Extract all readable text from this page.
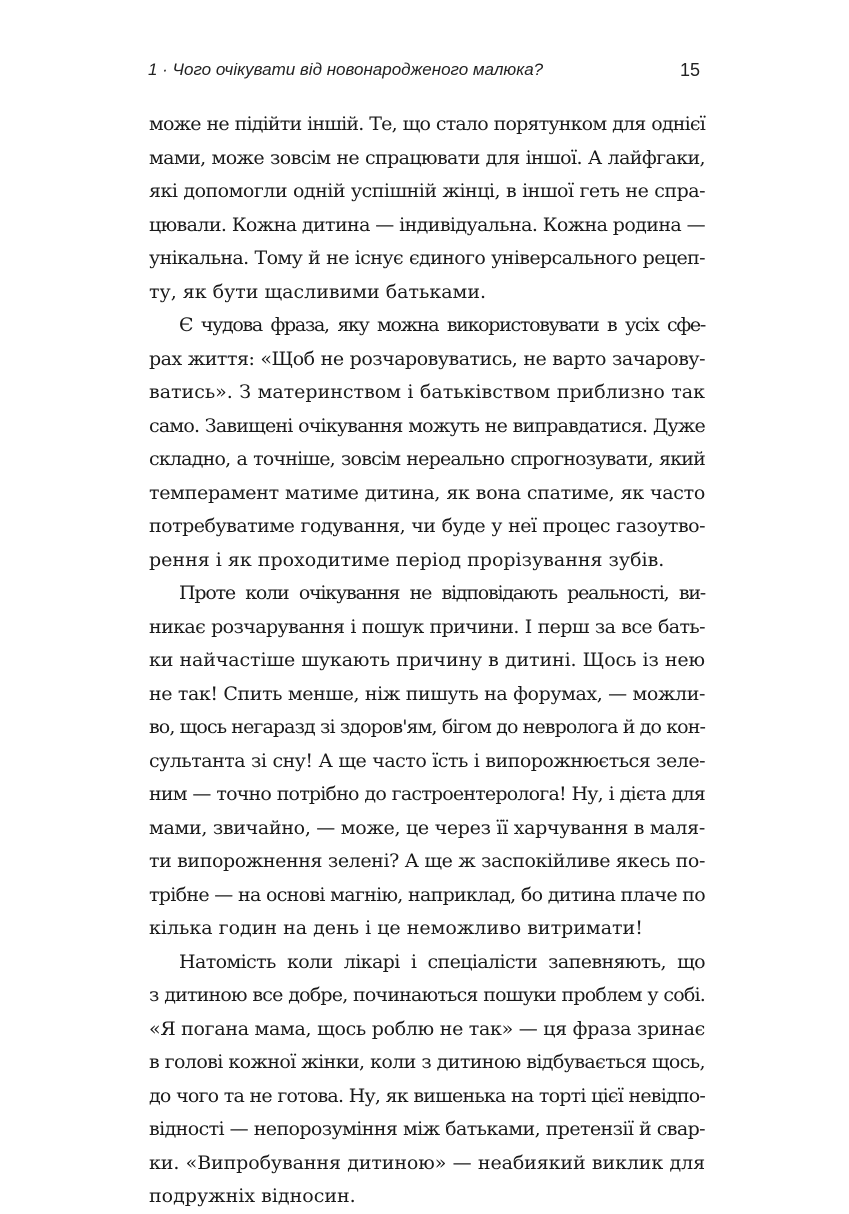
1 · Чого очікувати від новонародженого малюка?	15

може не підійти іншій. Те, що стало порятунком для однієї
мами, може зовсім не спрацювати для іншої. А лайфгаки,
які допомогли одній успішній жінці, в іншої геть не спра-
цювали. Кожна дитина — індивідуальна. Кожна родина —
унікальна. Тому й не існує єдиного універсального рецеп-
ту, як бути щасливими батьками.

Є чудова фраза, яку можна використовувати в усіх сфе-
рах життя: «Щоб не розчаровуватись, не варто зачарову-
ватись». З материнством і батьківством приблизно так
само. Завищені очікування можуть не виправдатися. Дуже
складно, а точніше, зовсім нереально спрогнозувати, який
темперамент матиме дитина, як вона спатиме, як часто
потребуватиме годування, чи буде у неї процес газоутво-
рення і як проходитиме період прорізування зубів.

Проте коли очікування не відповідають реальності, ви-
никає розчарування і пошук причини. І перш за все бать-
ки найчастіше шукають причину в дитині. Щось із нею
не так! Спить менше, ніж пишуть на форумах, — можли-
во, щось негаразд зі здоров'ям, бігом до невролога й до кон-
сультанта зі сну! А ще часто їсть і випорожнюється зеле-
ним — точно потрібно до гастроентеролога! Ну, і дієта для
мами, звичайно, — може, це через її харчування в маля-
ти випорожнення зелені? А ще ж заспокійливе якесь по-
трібне — на основі магнію, наприклад, бо дитина плаче по
кілька годин на день і це неможливо витримати!

Натомість коли лікарі і спеціалісти запевняють, що
з дитиною все добре, починаються пошуки проблем у собі.
«Я погана мама, щось роблю не так» — ця фраза зринає
в голові кожної жінки, коли з дитиною відбувається щось,
до чого та не готова. Ну, як вишенька на торті цієї невідпо-
відності — непорозуміння між батьками, претензії й свар-
ки. «Випробування дитиною» — неабиякий виклик для
подружніх відносин.
